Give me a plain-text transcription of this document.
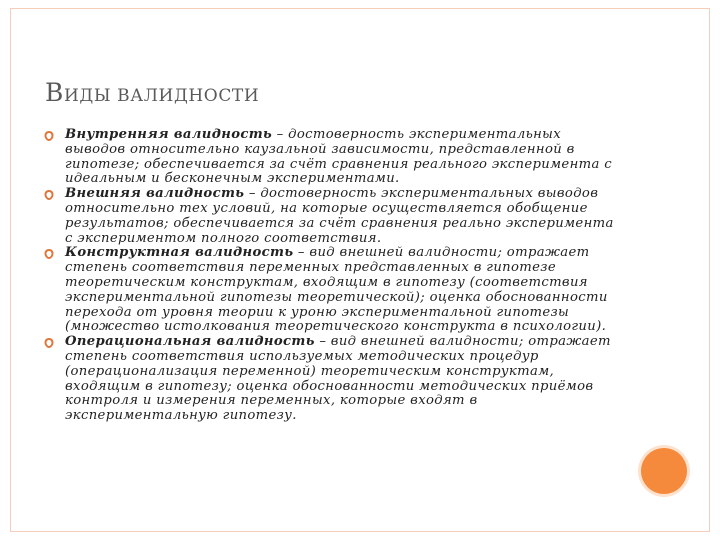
ВИДЫ ВАЛИДНОСТИ
Внутренняя валидность – достоверность экспериментальных выводов относительно каузальной зависимости, представленной в гипотезе; обеспечивается за счёт сравнения реального эксперимента с идеальным и бесконечным экспериментами.
Внешняя валидность – достоверность экспериментальных выводов относительно тех условий, на которые осуществляется обобщение результатов; обеспечивается за счёт сравнения реально эксперимента с экспериментом полного соответствия.
Конструктная валидность – вид внешней валидности; отражает степень соответствия переменных представленных в гипотезе теоретическим конструктам, входящим в гипотезу (соответствия экспериментальной гипотезы теоретической); оценка обоснованности перехода от уровня теории к уроню экспериментальной гипотезы (множество истолкования теоретического конструкта в психологии).
Операциональная валидность – вид внешней валидности; отражает степень соответствия используемых методических процедур (операционализация переменной) теоретическим конструктам, входящим в гипотезу; оценка обоснованности методических приёмов контроля и измерения переменных, которые входят в экспериментальную гипотезу.
